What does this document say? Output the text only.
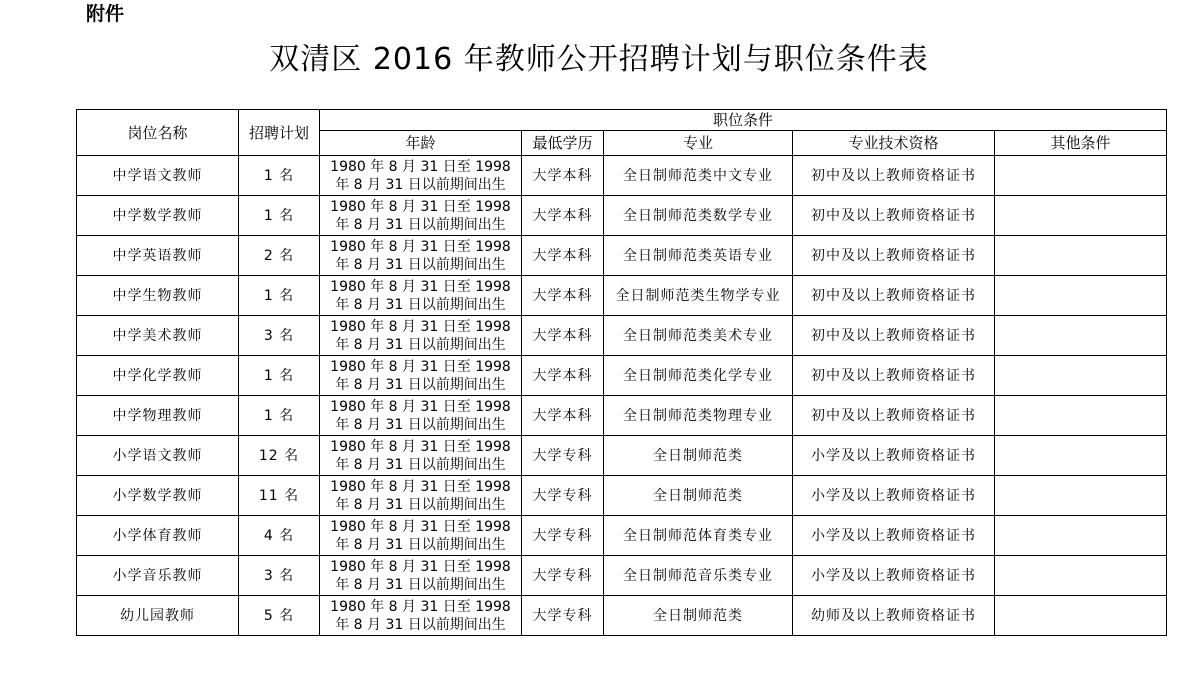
附件
双清区 2016 年教师公开招聘计划与职位条件表
岗位名称	招聘计划	职位条件				
		年龄	最低学历	专业	专业技术资格	其他条件
中学语文教师	1 名	1980 年 8 月 31 日至 1998
年 8 月 31 日以前期间出生	大学本科	全日制师范类中文专业	初中及以上教师资格证书	
中学数学教师	1 名	1980 年 8 月 31 日至 1998
年 8 月 31 日以前期间出生	大学本科	全日制师范类数学专业	初中及以上教师资格证书	
中学英语教师	2 名	1980 年 8 月 31 日至 1998
年 8 月 31 日以前期间出生	大学本科	全日制师范类英语专业	初中及以上教师资格证书	
中学生物教师	1 名	1980 年 8 月 31 日至 1998
年 8 月 31 日以前期间出生	大学本科	全日制师范类生物学专业	初中及以上教师资格证书	
中学美术教师	3 名	1980 年 8 月 31 日至 1998
年 8 月 31 日以前期间出生	大学本科	全日制师范类美术专业	初中及以上教师资格证书	
中学化学教师	1 名	1980 年 8 月 31 日至 1998
年 8 月 31 日以前期间出生	大学本科	全日制师范类化学专业	初中及以上教师资格证书	
中学物理教师	1 名	1980 年 8 月 31 日至 1998
年 8 月 31 日以前期间出生	大学本科	全日制师范类物理专业	初中及以上教师资格证书	
小学语文教师	12 名	1980 年 8 月 31 日至 1998
年 8 月 31 日以前期间出生	大学专科	全日制师范类	小学及以上教师资格证书	
小学数学教师	11 名	1980 年 8 月 31 日至 1998
年 8 月 31 日以前期间出生	大学专科	全日制师范类	小学及以上教师资格证书	
小学体育教师	4 名	1980 年 8 月 31 日至 1998
年 8 月 31 日以前期间出生	大学专科	全日制师范体育类专业	小学及以上教师资格证书	
小学音乐教师	3 名	1980 年 8 月 31 日至 1998
年 8 月 31 日以前期间出生	大学专科	全日制师范音乐类专业	小学及以上教师资格证书	
幼儿园教师	5 名	1980 年 8 月 31 日至 1998
年 8 月 31 日以前期间出生	大学专科	全日制师范类	幼师及以上教师资格证书	
